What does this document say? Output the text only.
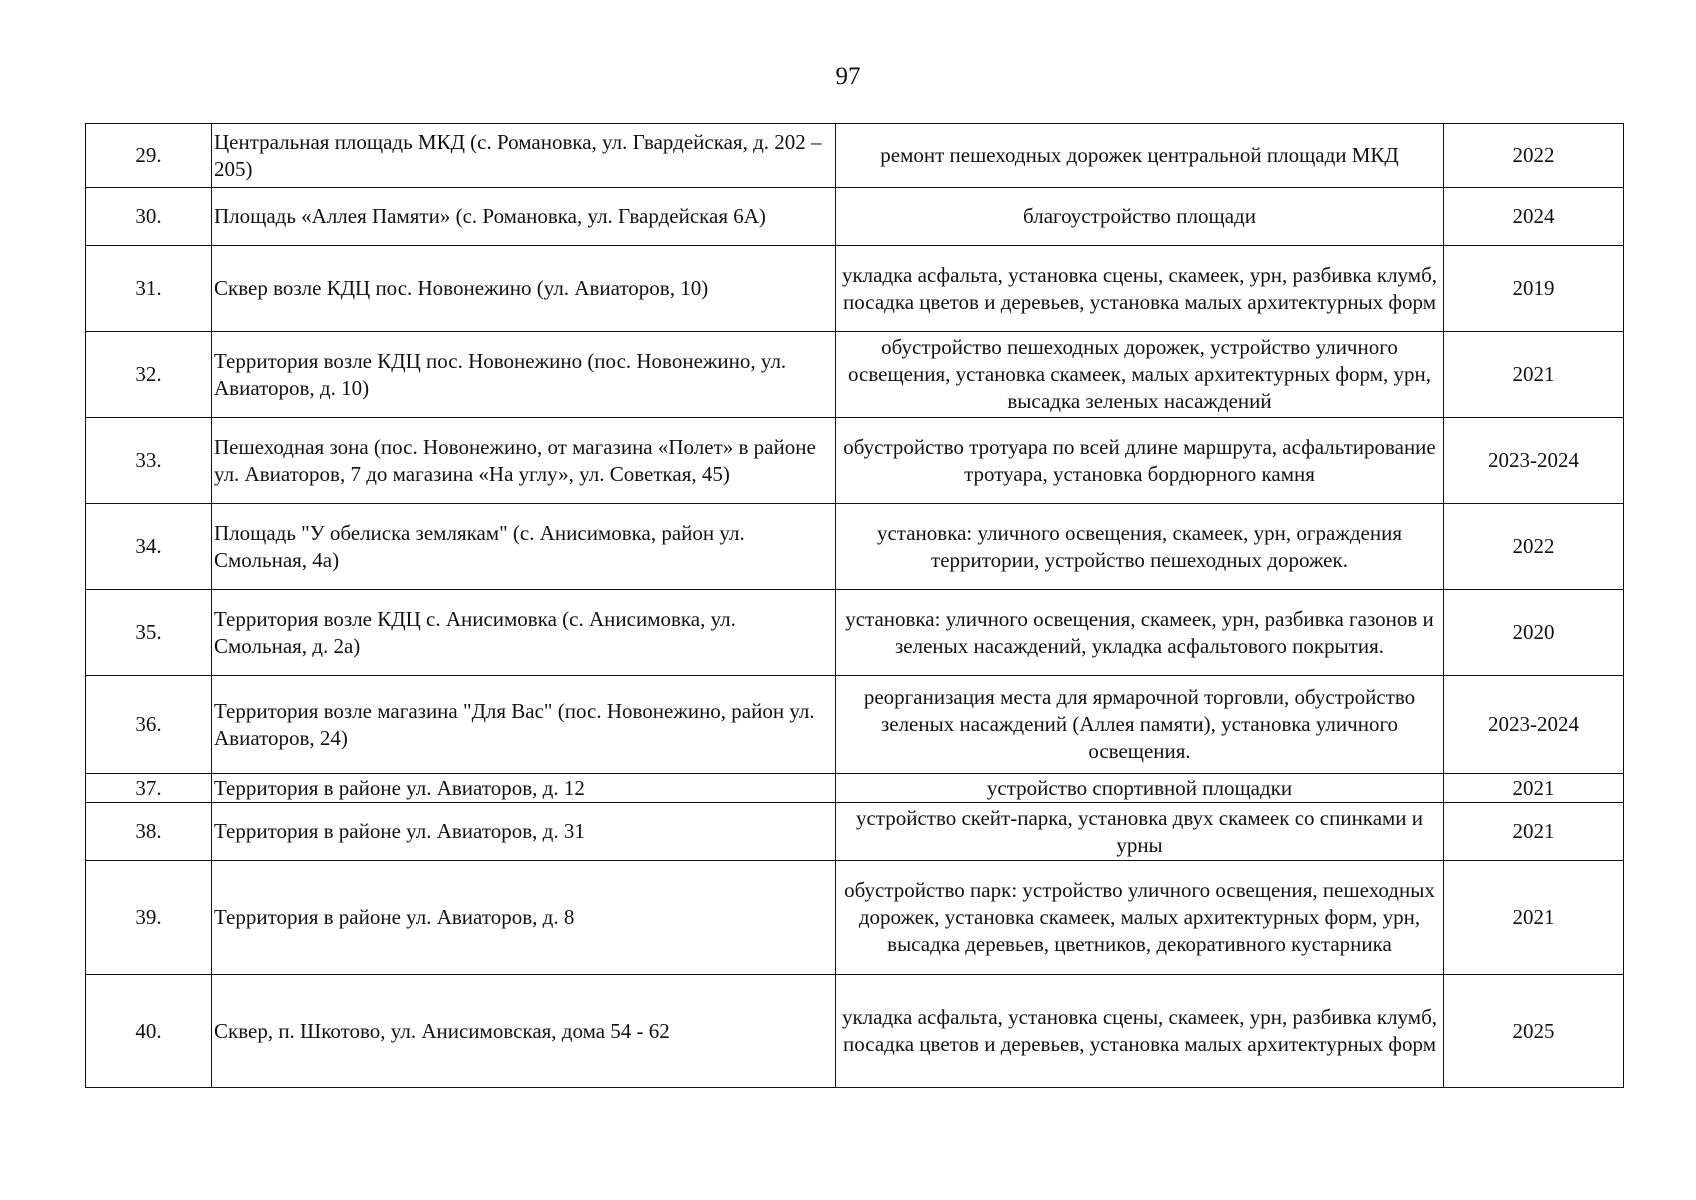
97
29.	Центральная площадь МКД (с. Романовка, ул. Гвардейская, д. 202 – 205)	ремонт пешеходных дорожек центральной площади МКД	2022
30.	Площадь «Аллея Памяти» (с. Романовка, ул. Гвардейская 6А)	благоустройство площади	2024
31.	Сквер возле КДЦ пос. Новонежино (ул. Авиаторов, 10)	укладка асфальта, установка сцены, скамеек, урн, разбивка клумб, посадка цветов и деревьев, установка малых архитектурных форм	2019
32.	Территория возле КДЦ пос. Новонежино (пос. Новонежино, ул. Авиаторов, д. 10)	обустройство пешеходных дорожек, устройство уличного освещения, установка скамеек, малых архитектурных форм, урн, высадка зеленых насаждений	2021
33.	Пешеходная зона (пос. Новонежино, от магазина «Полет» в районе ул. Авиаторов, 7 до магазина «На углу», ул. Советкая, 45)	обустройство тротуара по всей длине маршрута, асфальтирование тротуара, установка бордюрного камня	2023-2024
34.	Площадь "У обелиска землякам" (с. Анисимовка, район ул. Смольная, 4а)	установка: уличного освещения, скамеек, урн, ограждения территории, устройство пешеходных дорожек.	2022
35.	Территория возле КДЦ с. Анисимовка (с. Анисимовка, ул. Смольная, д. 2а)	установка: уличного освещения, скамеек, урн, разбивка газонов и зеленых насаждений, укладка асфальтового покрытия.	2020
36.	Территория возле магазина "Для Вас" (пос. Новонежино, район ул. Авиаторов, 24)	реорганизация места для ярмарочной торговли, обустройство зеленых насаждений (Аллея памяти), установка уличного освещения.	2023-2024
37.	Территория в районе ул. Авиаторов, д. 12	устройство спортивной площадки	2021
38.	Территория в районе ул. Авиаторов, д. 31	устройство скейт-парка, установка двух скамеек со спинками и урны	2021
39.	Территория в районе ул. Авиаторов, д. 8	обустройство парк: устройство уличного освещения, пешеходных дорожек, установка скамеек, малых архитектурных форм, урн, высадка деревьев, цветников, декоративного кустарника	2021
40.	Сквер, п. Шкотово, ул. Анисимовская, дома 54 - 62	укладка асфальта, установка сцены, скамеек, урн, разбивка клумб, посадка цветов и деревьев, установка малых архитектурных форм	2025
